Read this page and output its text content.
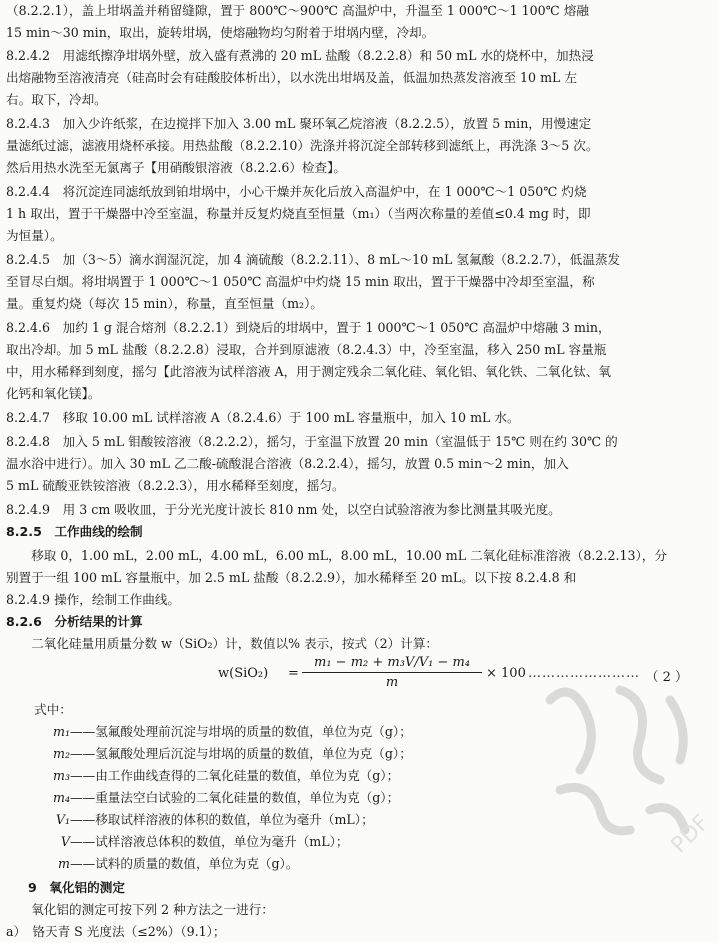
（8.2.2.1），盖上坩埚盖并稍留缝隙，置于 800℃～900℃ 高温炉中，升温至 1 000℃～1 100℃ 熔融
15 min～30 min，取出，旋转坩埚，使熔融物均匀附着于坩埚内壁，冷却。
8.2.4.2　用滤纸擦净坩埚外壁，放入盛有煮沸的 20 mL 盐酸（8.2.2.8）和 50 mL 水的烧杯中，加热浸
出熔融物至溶液清亮（硅高时会有硅酸胶体析出），以水洗出坩埚及盖，低温加热蒸发溶液至 10 mL 左
右。取下，冷却。
8.2.4.3　加入少许纸浆，在边搅拌下加入 3.00 mL 聚环氧乙烷溶液（8.2.2.5），放置 5 min，用慢速定
量滤纸过滤，滤液用烧杯承接。用热盐酸（8.2.2.10）洗涤并将沉淀全部转移到滤纸上，再洗涤 3～5 次。
然后用热水洗至无氯离子【用硝酸银溶液（8.2.2.6）检查】。
8.2.4.4　将沉淀连同滤纸放到铂坩埚中，小心干燥并灰化后放入高温炉中，在 1 000℃～1 050℃ 灼烧
1 h 取出，置于干燥器中冷至室温，称量并反复灼烧直至恒量（m₁）（当两次称量的差值≤0.4 mg 时，即
为恒量）。
8.2.4.5　加（3～5）滴水润湿沉淀，加 4 滴硫酸（8.2.2.11）、8 mL～10 mL 氢氟酸（8.2.2.7），低温蒸发
至冒尽白烟。将坩埚置于 1 000℃～1 050℃ 高温炉中灼烧 15 min 取出，置于干燥器中冷却至室温，称
量。重复灼烧（每次 15 min），称量，直至恒量（m₂）。
8.2.4.6　加约 1 g 混合熔剂（8.2.2.1）到烧后的坩埚中，置于 1 000℃～1 050℃ 高温炉中熔融 3 min，
取出冷却。加 5 mL 盐酸（8.2.2.8）浸取，合并到原滤液（8.2.4.3）中，冷至室温，移入 250 mL 容量瓶
中，用水稀释到刻度，摇匀【此溶液为试样溶液 A，用于测定残余二氧化硅、氧化铝、氧化铁、二氧化钛、氧
化钙和氧化镁】。
8.2.4.7　移取 10.00 mL 试样溶液 A（8.2.4.6）于 100 mL 容量瓶中，加入 10 mL 水。
8.2.4.8　加入 5 mL 钼酸铵溶液（8.2.2.2），摇匀，于室温下放置 20 min（室温低于 15℃ 则在约 30℃ 的
温水浴中进行）。加入 30 mL 乙二酸-硫酸混合溶液（8.2.2.4），摇匀，放置 0.5 min～2 min，加入
5 mL 硫酸亚铁铵溶液（8.2.2.3），用水稀释至刻度，摇匀。
8.2.4.9　用 3 cm 吸收皿，于分光光度计波长 810 nm 处，以空白试验溶液为参比测量其吸光度。
8.2.5　 工作曲线的绘制
　　移取 0，1.00 mL，2.00 mL，4.00 mL，6.00 mL，8.00 mL，10.00 mL 二氧化硅标准溶液（8.2.2.13），分
别置于一组 100 mL 容量瓶中，加 2.5 mL 盐酸（8.2.2.9），加水稀释至 20 mL。以下按 8.2.4.8 和
8.2.4.9 操作，绘制工作曲线。
8.2.6　 分析结果的计算
　　二氧化硅量用质量分数 w（SiO₂）计，数值以% 表示，按式（2）计算：
$w(SiO_2) = \frac{\text{m₁ − m₂ + m₃V/V₁ − m₄}}{m} \times 100$ …………………… （ 2 ）
式中：
m₁——氢氟酸处理前沉淀与坩埚的质量的数值，单位为克（g）；
m₂——氢氟酸处理后沉淀与坩埚的质量的数值，单位为克（g）；
m₃——由工作曲线查得的二氧化硅量的数值，单位为克（g）；
m₄——重量法空白试验的二氧化硅量的数值，单位为克（g）；
V₁——移取试样溶液的体积的数值，单位为毫升（mL）；
V——试样溶液总体积的数值，单位为毫升（mL）；
m——试料的质量的数值，单位为克（g）。
9　 氧化铝的测定
　　氧化铝的测定可按下列 2 种方法之一进行：
a）　铬天青 S 光度法（≤2%）（9.1）；
PDF
